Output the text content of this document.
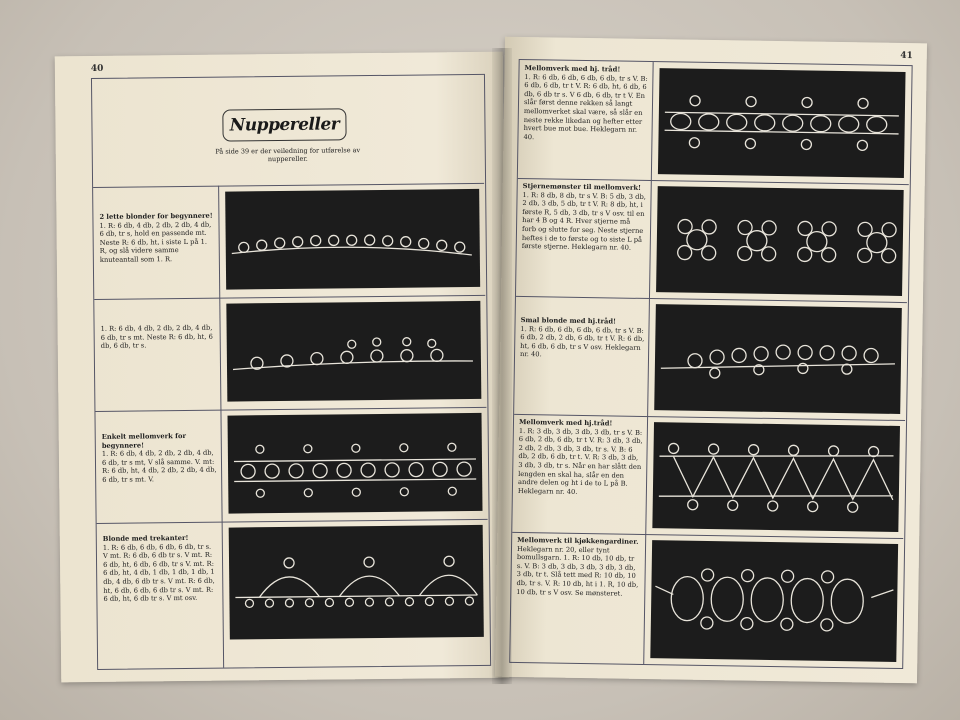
40
Nuppereller
På side 39 er der veiledning for utførelse av nuppereller.
2 lette blonder for begynnere!
1. R: 6 db, 4 db, 2 db, 2 db, 4 db, 6 db, tr s, hold en passende mt. Neste R: 6 db, ht, i siste L på 1. R, og slå videre samme knuteantall som 1. R.
1. R: 6 db, 4 db, 2 db, 2 db, 4 db, 6 db, tr s mt. Neste R: 6 db, ht, 6 db, 6 db, tr s.
Enkelt mellomverk for begynnere!
1. R: 6 db, 4 db, 2 db, 2 db, 4 db, 6 db, tr s mt, V slå samme. V. mt: R: 6 db, ht, 4 db, 2 db, 2 db, 4 db, 6 db, tr s mt. V.
Blonde med trekanter!
1. R: 6 db, 6 db, 6 db, 6 db, tr s. V mt. R: 6 db, 6 db tr s. V mt. R: 6 db, ht, 6 db, 6 db, tr s V. mt. R: 6 db, ht, 4 db, 1 db, 1 db, 1 db, 1 db, 4 db, 6 db tr s. V mt. R: 6 db, ht, 6 db, 6 db, 6 db tr s. V mt. R: 6 db, ht, 6 db tr s. V mt osv.
41
Mellomverk med hj. tråd!
1. R: 6 db, 6 db, 6 db, 6 db, tr s V. B: 6 db, 6 db, tr t V. R: 6 db, ht, 6 db, 6 db, 6 db tr s. V 6 db, 6 db, tr t V. En slår først denne rekken så langt mellomverket skal være, så slår en neste rekke likedan og hefter etter hvert bue mot bue. Heklegarn nr. 40.
Stjernemønster til mellomverk!
1. R: 8 db, 8 db, tr s V. B: 5 db, 3 db, 2 db, 3 db, 5 db, tr t V. R: 8 db, ht, i første R, 5 db, 3 db, tr s V osv. til en har 4 B og 4 R. Hver stjerne må forb og slutte for seg. Neste stjerne heftes i de to første og to siste L på første stjerne. Heklegarn nr. 40.
Smal blonde med hj.tråd!
1. R: 6 db, 6 db, 6 db, 6 db, tr s V. B: 6 db, 2 db, 2 db, 6 db, tr t V. R: 6 db, ht, 6 db, 6 db, tr s V osv. Heklegarn nr. 40.
Mellomverk med hj.tråd!
1. R: 3 db, 3 db, 3 db, 3 db, tr s V. B: 6 db, 2 db, 6 db, tr t V. R: 3 db, 3 db, 2 db, 2 db, 3 db, 3 db, tr s. V. B: 6 db, 2 db, 6 db, tr t. V. R: 3 db, 3 db, 3 db, 3 db, tr s. Når en har slått den lengden en skal ha, slår en den andre delen og ht i de to L på B. Heklegarn nr. 40.
Mellomverk til kjøkkengardiner.
Heklegarn nr. 20, eller tynt bomullsgarn. 1. R: 10 db, 10 db, tr s. V. B: 3 db, 3 db, 3 db, 3 db, 3 db, 3 db, tr t. Slå tett med R: 10 db, 10 db, tr s. V. R: 10 db, ht i 1. R, 10 db, 10 db, tr s V osv. Se mønsteret.
